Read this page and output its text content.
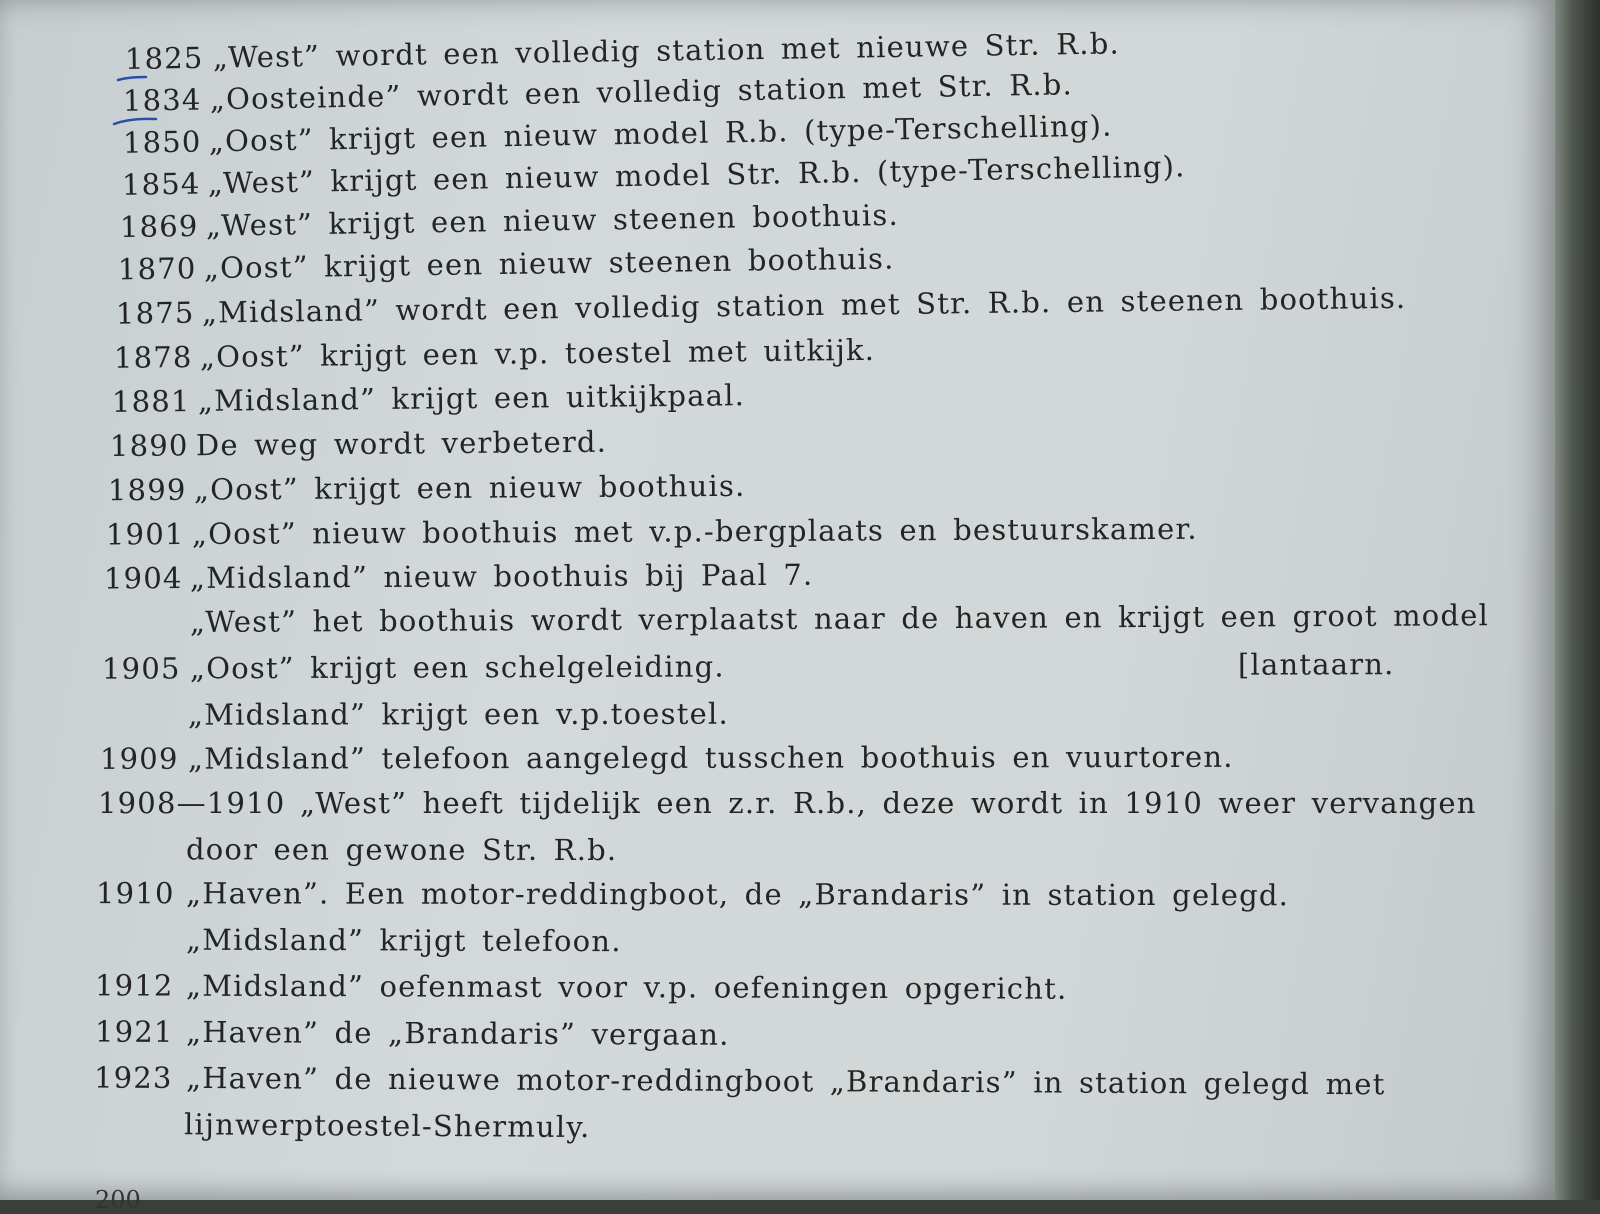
1825 „West” wordt een volledig station met nieuwe Str. R.b.
1834 „Oosteinde” wordt een volledig station met Str. R.b.
1850 „Oost” krijgt een nieuw model R.b. (type-Terschelling).
1854 „West” krijgt een nieuw model Str. R.b. (type-Terschelling).
1869 „West” krijgt een nieuw steenen boothuis.
1870 „Oost” krijgt een nieuw steenen boothuis.
1875 „Midsland” wordt een volledig station met Str. R.b. en steenen boothuis.
1878 „Oost” krijgt een v.p. toestel met uitkijk.
1881 „Midsland” krijgt een uitkijkpaal.
1890 De weg wordt verbeterd.
1899 „Oost” krijgt een nieuw boothuis.
1901 „Oost” nieuw boothuis met v.p.-bergplaats en bestuurskamer.
1904 „Midsland” nieuw boothuis bij Paal 7.
„West” het boothuis wordt verplaatst naar de haven en krijgt een groot model
1905 „Oost” krijgt een schelgeleiding.	[lantaarn.
„Midsland” krijgt een v.p.toestel.
1909 „Midsland” telefoon aangelegd tusschen boothuis en vuurtoren.
1908—1910 „West” heeft tijdelijk een z.r. R.b., deze wordt in 1910 weer vervangen
door een gewone Str. R.b.
1910 „Haven”. Een motor-reddingboot, de „Brandaris” in station gelegd.
„Midsland” krijgt telefoon.
1912 „Midsland” oefenmast voor v.p. oefeningen opgericht.
1921 „Haven” de „Brandaris” vergaan.
1923 „Haven” de nieuwe motor-reddingboot „Brandaris” in station gelegd met
lijnwerptoestel-Shermuly.
200
